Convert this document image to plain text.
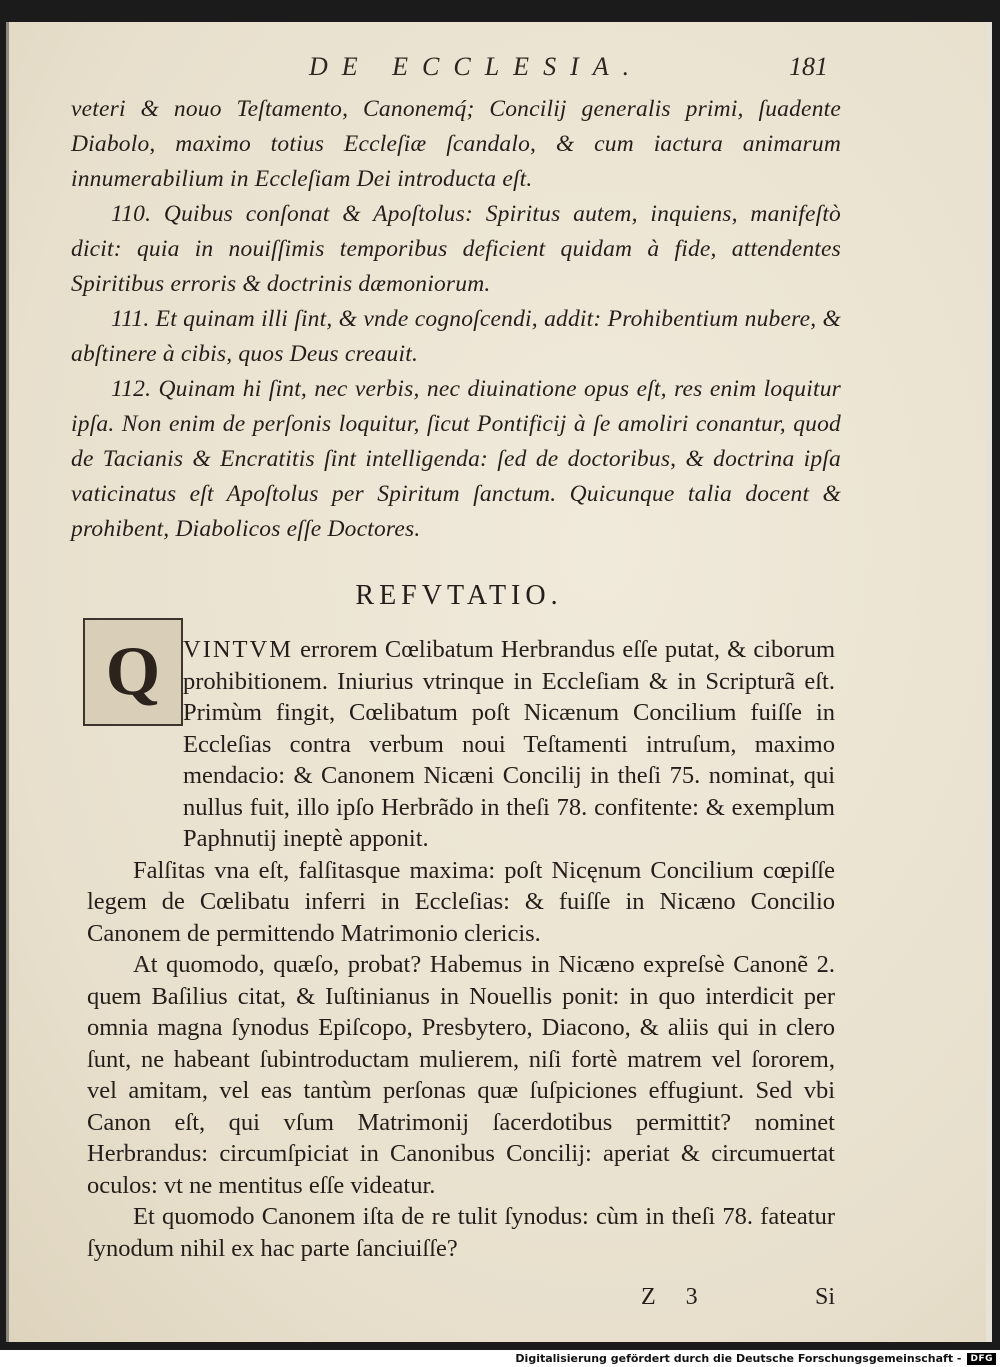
DE ECCLESIA.	181

veteri & nouo Teſtamento, Canonemq́; Concilij generalis primi, ſuadente Diabolo, maximo totius Eccleſiæ ſcandalo, & cum iactura animarum innumerabilium in Eccleſiam Dei introducta eſt.

110. Quibus conſonat & Apoſtolus: Spiritus autem, inquiens, manifeſtò dicit: quia in nouiſſimis temporibus deficient quidam à fide, attendentes Spiritibus erroris & doctrinis dæmoniorum.

111. Et quinam illi ſint, & vnde cognoſcendi, addit: Prohibentium nubere, & abſtinere à cibis, quos Deus creauit.

112. Quinam hi ſint, nec verbis, nec diuinatione opus eſt, res enim loquitur ipſa. Non enim de perſonis loquitur, ſicut Pontificij à ſe amoliri conantur, quod de Tacianis & Encratitis ſint intelligenda: ſed de doctoribus, & doctrina ipſa vaticinatus eſt Apoſtolus per Spiritum ſanctum. Quicunque talia docent & prohibent, Diabolicos eſſe Doctores.

REFVTATIO.
Q VINTVM errorem Cœlibatum Herbrandus eſſe putat, & ciborum prohibitionem. Iniurius vtrinque in Eccleſiam & in Scripturã eſt. Primùm fingit, Cœlibatum poſt Nicænum Concilium fuiſſe in Eccleſias contra verbum noui Teſtamenti intruſum, maximo mendacio: & Canonem Nicæni Concilij in theſi 75. nominat, qui nullus fuit, illo ipſo Herbrãdo in theſi 78. confitente: & exemplum Paphnutij ineptè apponit.

Falſitas vna eſt, falſitasque maxima: poſt Nicęnum Concilium cœpiſſe legem de Cœlibatu inferri in Eccleſias: & fuiſſe in Nicæno Concilio Canonem de permittendo Matrimonio clericis.

At quomodo, quæſo, probat? Habemus in Nicæno expreſsè Canonẽ 2. quem Baſilius citat, & Iuſtinianus in Nouellis ponit: in quo interdicit per omnia magna ſynodus Epiſcopo, Presbytero, Diacono, & aliis qui in clero ſunt, ne habeant ſubintroductam mulierem, niſi fortè matrem vel ſororem, vel amitam, vel eas tantùm perſonas quæ ſuſpiciones effugiunt. Sed vbi Canon eſt, qui vſum Matrimonij ſacerdotibus permittit? nominet Herbrandus: circumſpiciat in Canonibus Concilij: aperiat & circumuertat oculos: vt ne mentitus eſſe videatur.

Et quomodo Canonem iſta de re tulit ſynodus: cùm in theſi 78. fateatur ſynodum nihil ex hac parte ſanciuiſſe?

Z 3	Si
Digitalisierung gefördert durch die Deutsche Forschungsgemeinschaft -	DFG
